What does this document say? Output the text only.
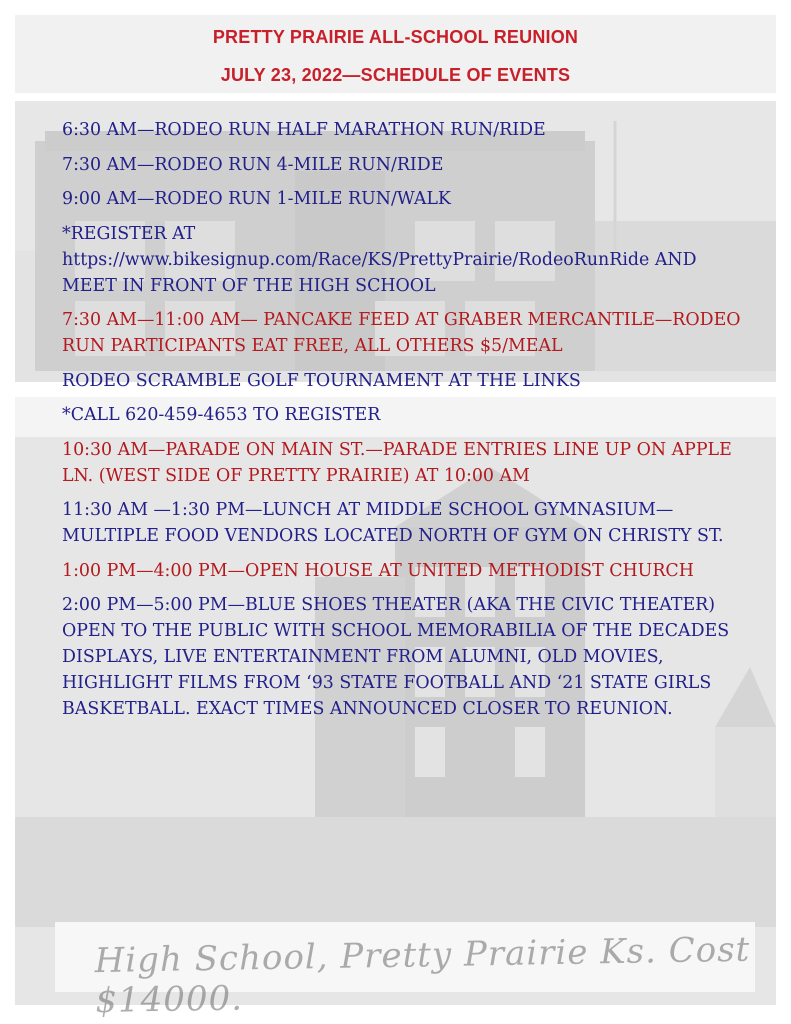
PRETTY PRAIRIE ALL-SCHOOL REUNION
JULY 23, 2022—SCHEDULE OF EVENTS
High School, Pretty Prairie Ks. Cost $14000.
6:30 AM—RODEO RUN HALF MARATHON RUN/RIDE
7:30 AM—RODEO RUN 4-MILE RUN/RIDE
9:00 AM—RODEO RUN 1-MILE RUN/WALK
*REGISTER AT https://www.bikesignup.com/Race/KS/PrettyPrairie/RodeoRunRide AND MEET IN FRONT OF THE HIGH SCHOOL
7:30 AM—11:00 AM— PANCAKE FEED AT GRABER MERCANTILE—RODEO RUN PARTICIPANTS EAT FREE, ALL OTHERS $5/MEAL
RODEO SCRAMBLE GOLF TOURNAMENT AT THE LINKS
*CALL 620-459-4653 TO REGISTER
10:30 AM—PARADE ON MAIN ST.—PARADE ENTRIES LINE UP ON APPLE LN. (WEST SIDE OF PRETTY PRAIRIE) AT 10:00 AM
11:30 AM —1:30 PM—LUNCH AT MIDDLE SCHOOL GYMNASIUM—MULTIPLE FOOD VENDORS LOCATED NORTH OF GYM ON CHRISTY ST.
1:00 PM—4:00 PM—OPEN HOUSE AT UNITED METHODIST CHURCH
2:00 PM—5:00 PM—BLUE SHOES THEATER (AKA THE CIVIC THEATER) OPEN TO THE PUBLIC WITH SCHOOL MEMORABILIA OF THE DECADES DISPLAYS, LIVE ENTERTAINMENT FROM ALUMNI, OLD MOVIES, HIGHLIGHT FILMS FROM ‘93 STATE FOOTBALL AND ‘21 STATE GIRLS BASKETBALL. EXACT TIMES ANNOUNCED CLOSER TO REUNION.
